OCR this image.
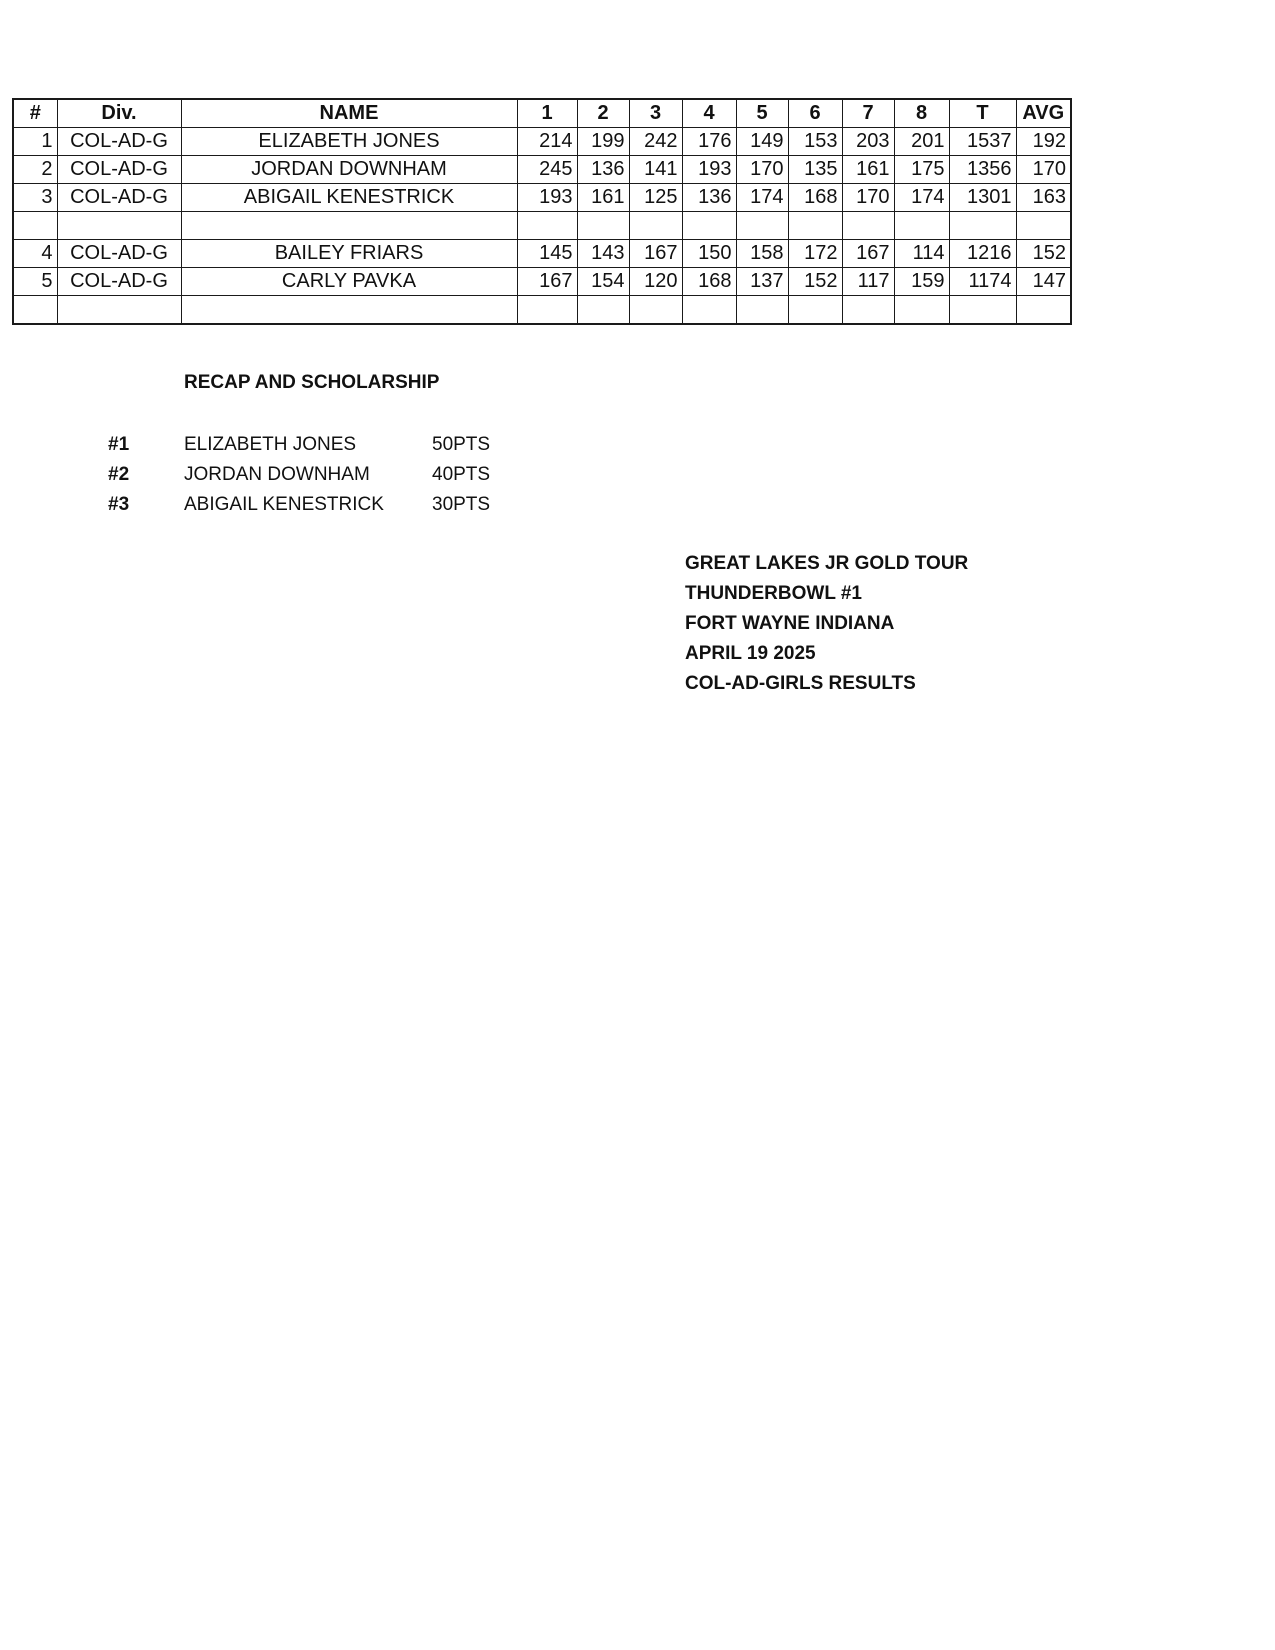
#	Div.	NAME	1	2	3	4	5	6	7	8	T	AVG
1	COL-AD-G	ELIZABETH JONES	214	199	242	176	149	153	203	201	1537	192
2	COL-AD-G	JORDAN DOWNHAM	245	136	141	193	170	135	161	175	1356	170
3	COL-AD-G	ABIGAIL KENESTRICK	193	161	125	136	174	168	170	174	1301	163

4	COL-AD-G	BAILEY FRIARS	145	143	167	150	158	172	167	114	1216	152
5	COL-AD-G	CARLY PAVKA	167	154	120	168	137	152	117	159	1174	147

RECAP AND SCHOLARSHIP
#1	ELIZABETH JONES	50PTS
#2	JORDAN DOWNHAM	40PTS
#3	ABIGAIL KENESTRICK	30PTS
GREAT LAKES JR GOLD TOUR
THUNDERBOWL #1
FORT WAYNE INDIANA
APRIL 19 2025
COL-AD-GIRLS RESULTS
